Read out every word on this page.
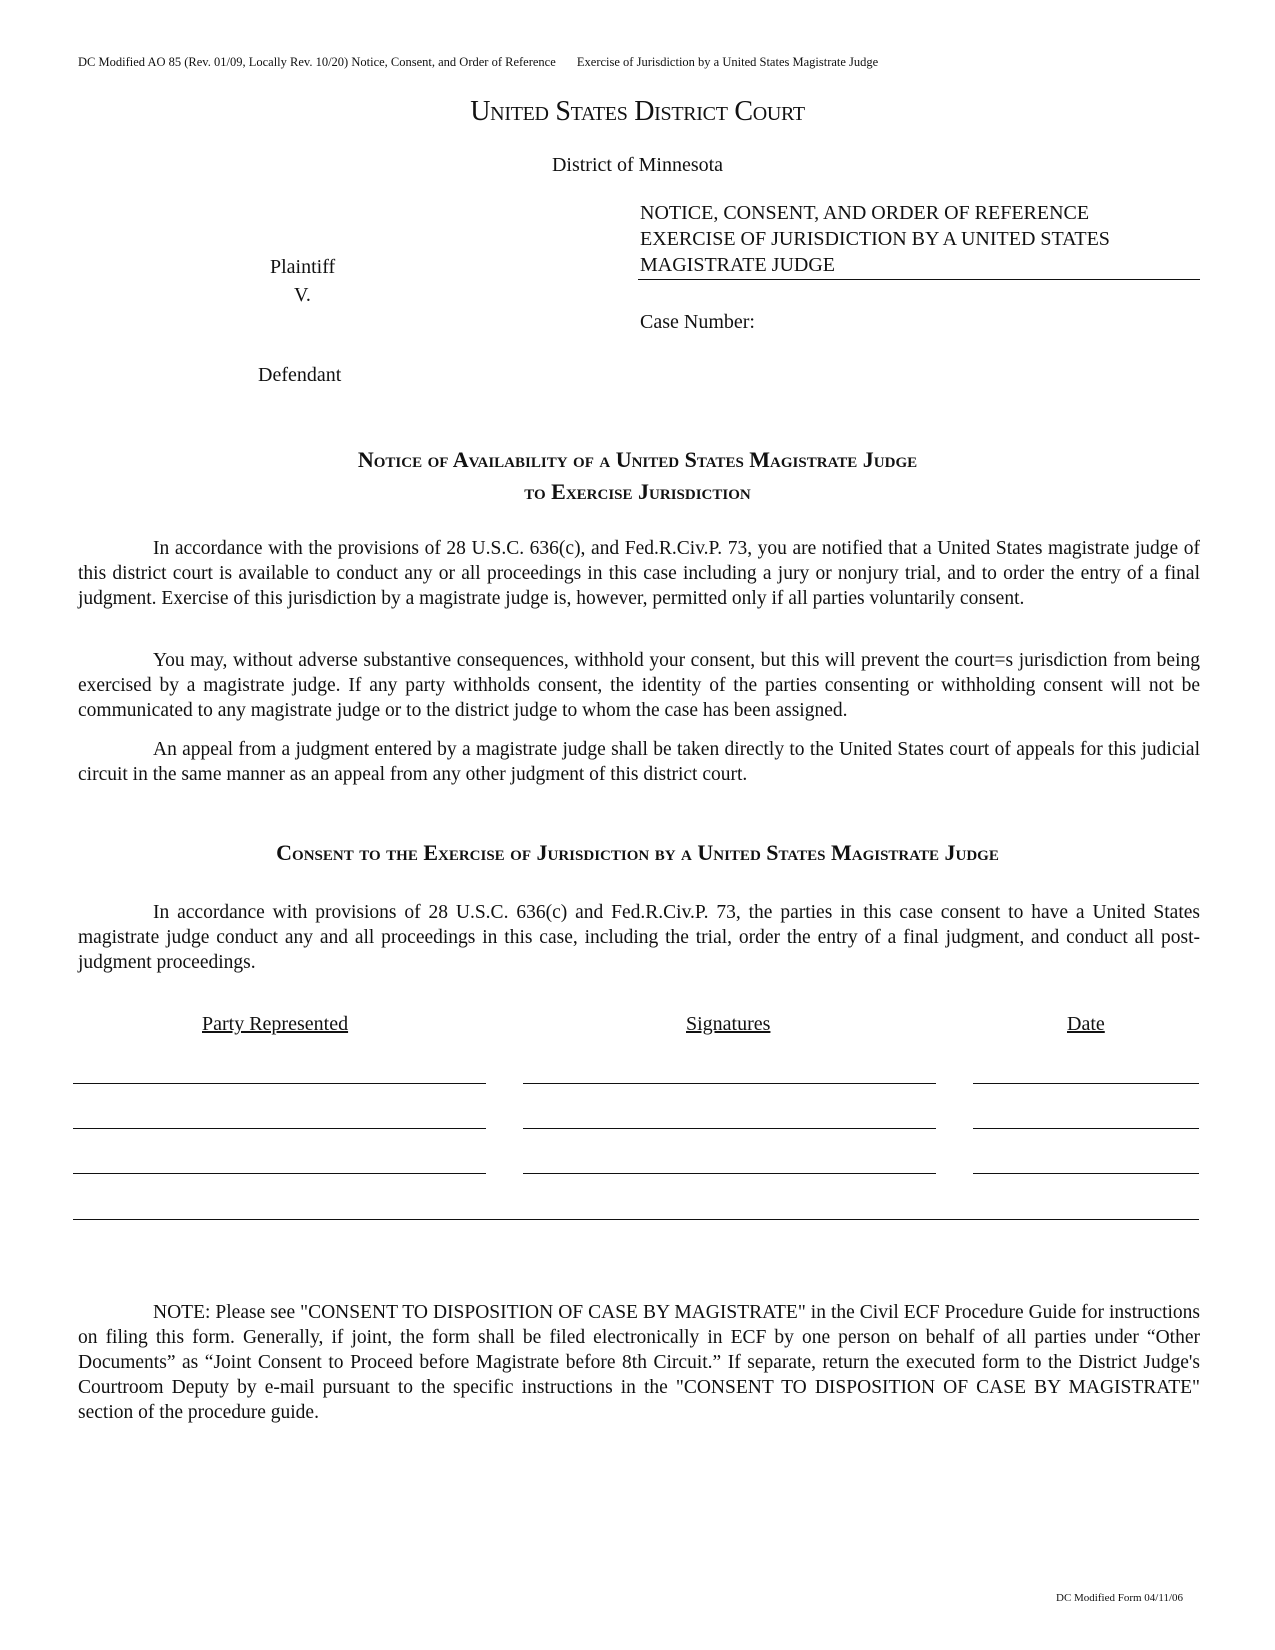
DC Modified AO 85 (Rev. 01/09, Locally Rev. 10/20) Notice, Consent, and Order of Reference Exercise of Jurisdiction by a United States Magistrate Judge
United States District Court
District of Minnesota
NOTICE, CONSENT, AND ORDER OF REFERENCE
EXERCISE OF JURISDICTION BY A UNITED STATES
MAGISTRATE JUDGE
Plaintiff
V.
Defendant
Case Number:
Notice of Availability of a United States Magistrate Judge
to Exercise Jurisdiction
In accordance with the provisions of 28 U.S.C. 636(c), and Fed.R.Civ.P. 73, you are notified that a United States magistrate judge of this district court is available to conduct any or all proceedings in this case including a jury or nonjury trial, and to order the entry of a final judgment. Exercise of this jurisdiction by a magistrate judge is, however, permitted only if all parties voluntarily consent.
You may, without adverse substantive consequences, withhold your consent, but this will prevent the court=s jurisdiction from being exercised by a magistrate judge. If any party withholds consent, the identity of the parties consenting or withholding consent will not be communicated to any magistrate judge or to the district judge to whom the case has been assigned.
An appeal from a judgment entered by a magistrate judge shall be taken directly to the United States court of appeals for this judicial circuit in the same manner as an appeal from any other judgment of this district court.
Consent to the Exercise of Jurisdiction by a United States Magistrate Judge
In accordance with provisions of 28 U.S.C. 636(c) and Fed.R.Civ.P. 73, the parties in this case consent to have a United States magistrate judge conduct any and all proceedings in this case, including the trial, order the entry of a final judgment, and conduct all post-judgment proceedings.
Party Represented	Signatures	Date
NOTE: Please see "CONSENT TO DISPOSITION OF CASE BY MAGISTRATE" in the Civil ECF Procedure Guide for instructions on filing this form. Generally, if joint, the form shall be filed electronically in ECF by one person on behalf of all parties under “Other Documents” as “Joint Consent to Proceed before Magistrate before 8th Circuit.” If separate, return the executed form to the District Judge's Courtroom Deputy by e-mail pursuant to the specific instructions in the "CONSENT TO DISPOSITION OF CASE BY MAGISTRATE" section of the procedure guide.
DC Modified Form 04/11/06
